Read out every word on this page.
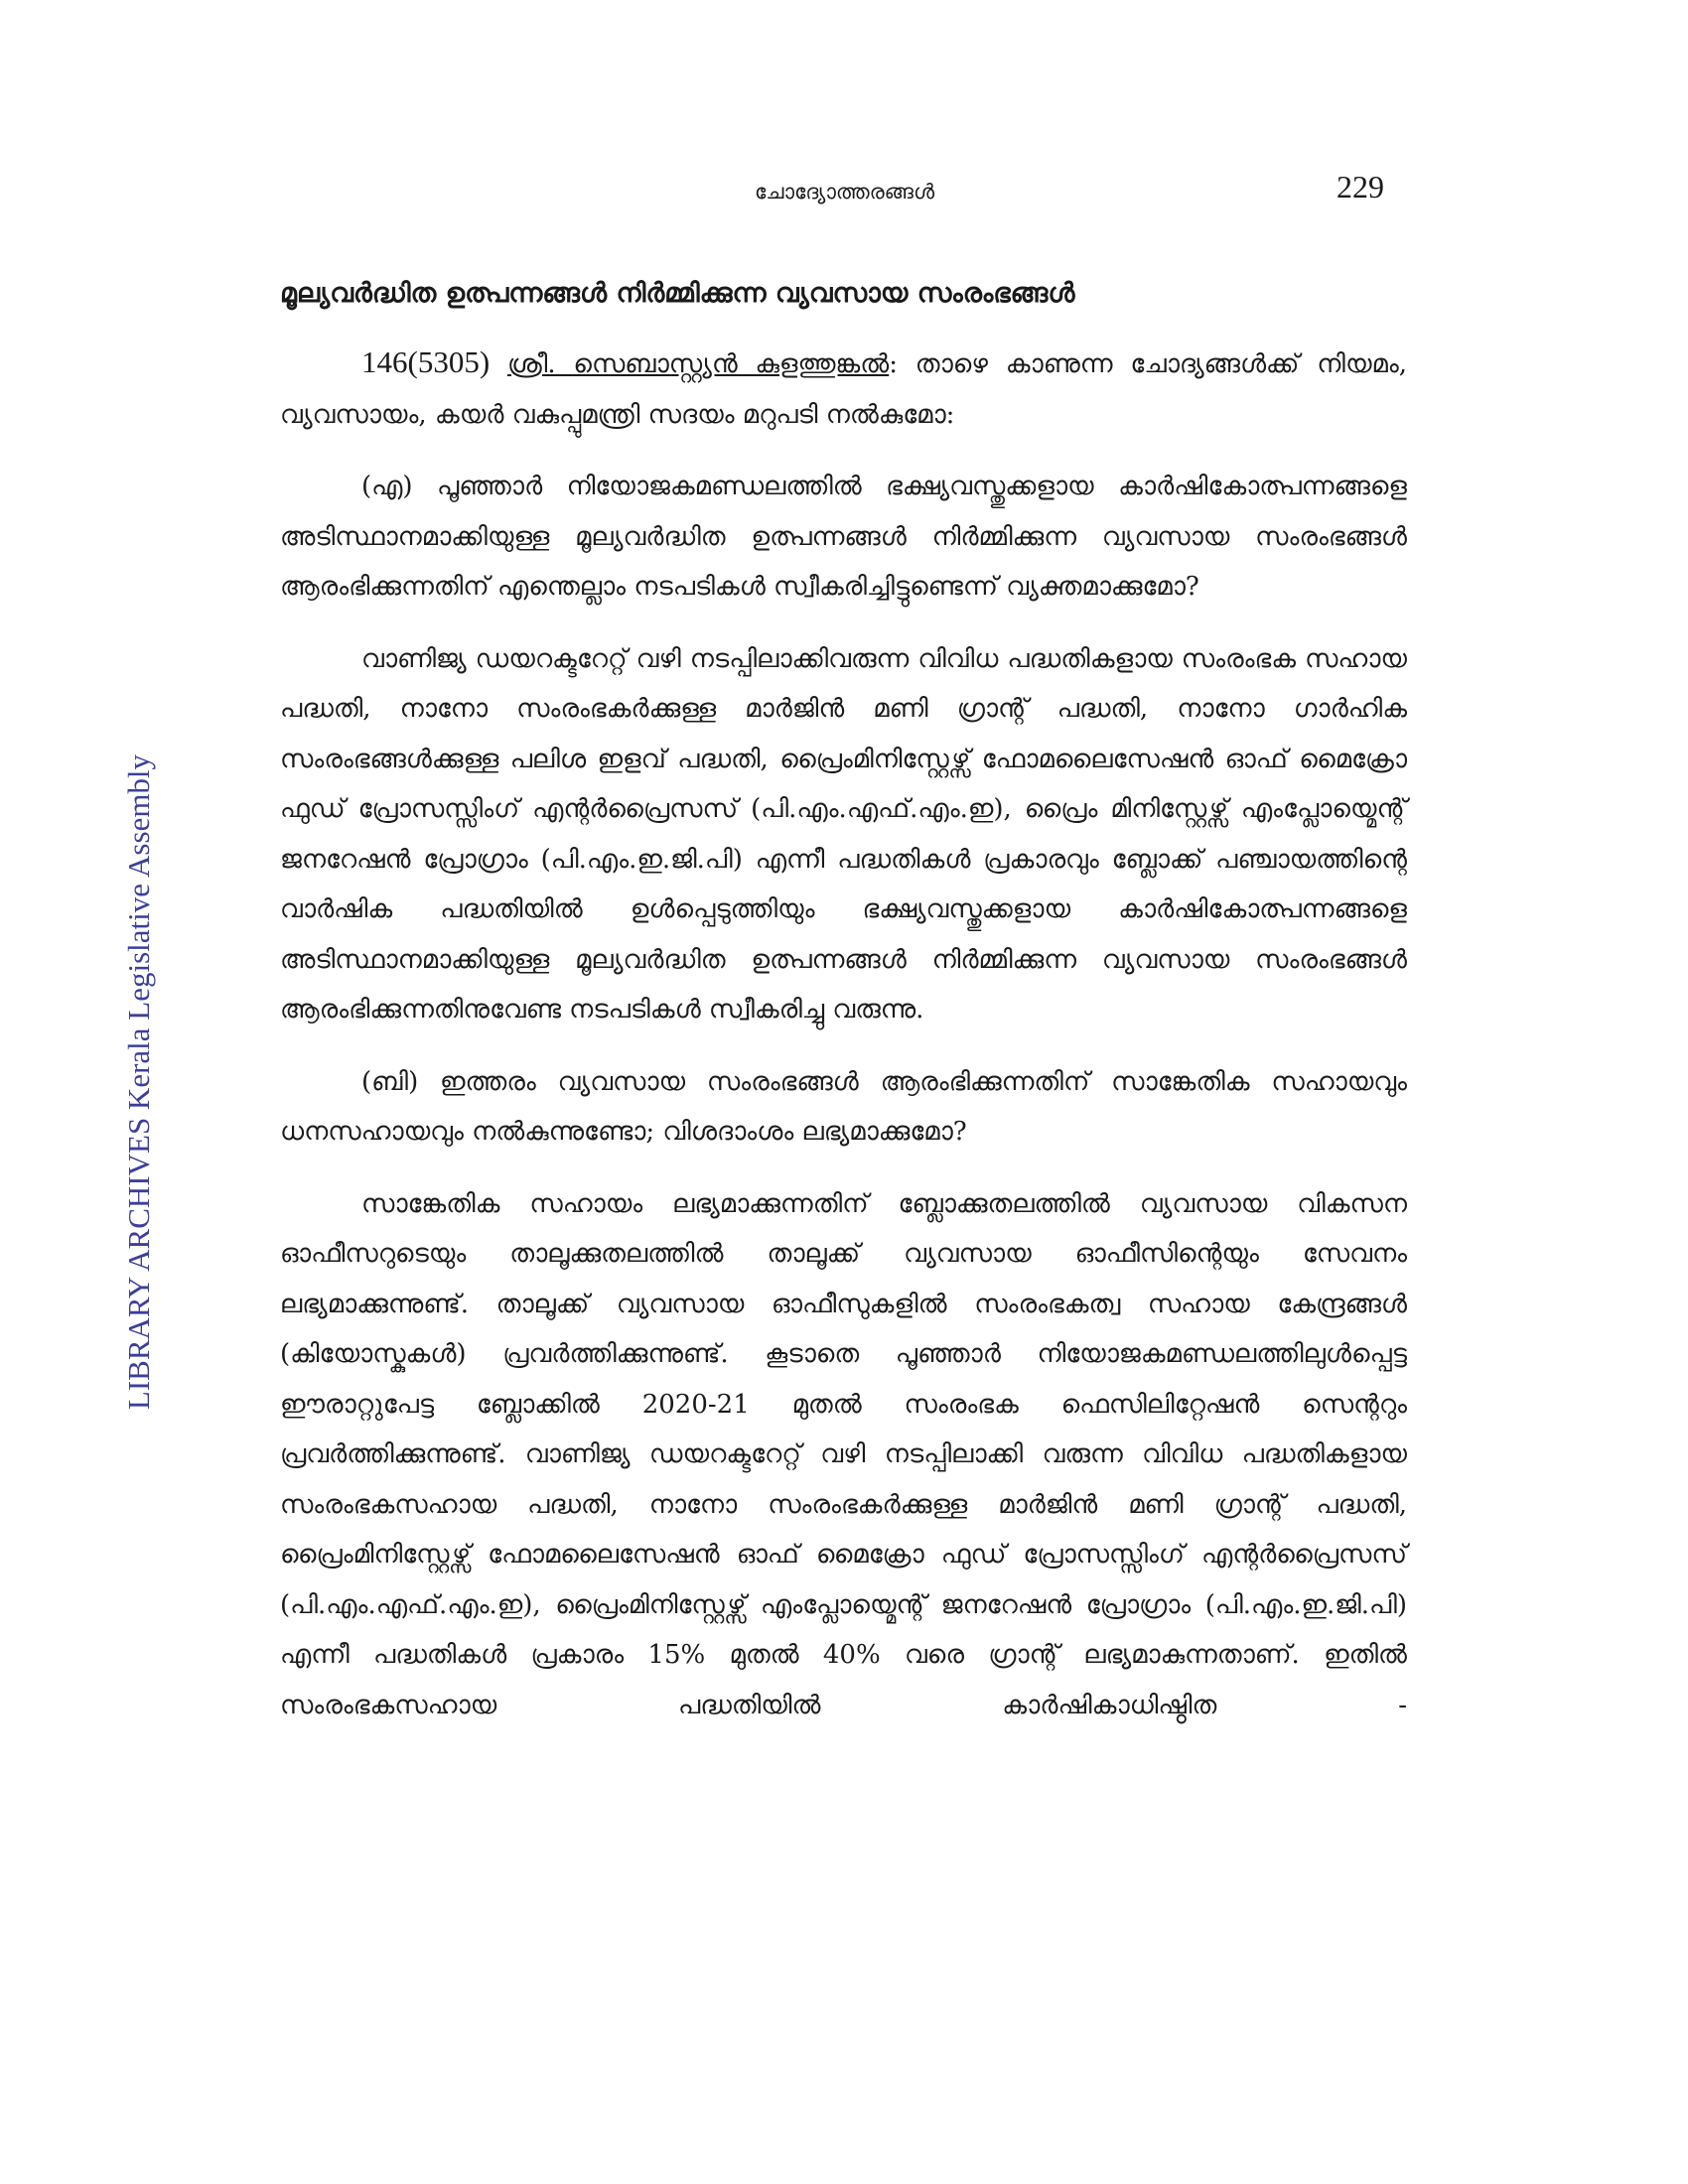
LIBRARY ARCHIVES Kerala Legislative Assembly
ചോദ്യോത്തരങ്ങൾ	229
മൂല്യവർദ്ധിത ഉത്പന്നങ്ങൾ നിർമ്മിക്കുന്ന വ്യവസായ സംരംഭങ്ങൾ

146(5305) ശ്രീ. സെബാസ്റ്റ്യൻ കുളത്തുങ്കൽ: താഴെ കാണുന്ന ചോദ്യങ്ങൾക്ക് നിയമം, വ്യവസായം, കയർ വകുപ്പുമന്ത്രി സദയം മറുപടി നൽകുമോ:

(എ) പൂഞ്ഞാർ നിയോജകമണ്ഡലത്തിൽ ഭക്ഷ്യവസ്തുക്കളായ കാർഷികോത്പന്നങ്ങളെ അടിസ്ഥാനമാക്കിയുള്ള മൂല്യവർദ്ധിത ഉത്പന്നങ്ങൾ നിർമ്മിക്കുന്ന വ്യവസായ സംരംഭങ്ങൾ ആരംഭിക്കുന്നതിന് എന്തെല്ലാം നടപടികൾ സ്വീകരിച്ചിട്ടുണ്ടെന്ന് വ്യക്തമാക്കുമോ?

വാണിജ്യ ഡയറക്ടറേറ്റ് വഴി നടപ്പിലാക്കിവരുന്ന വിവിധ പദ്ധതികളായ സംരംഭക സഹായ പദ്ധതി, നാനോ സംരംഭകർക്കുള്ള മാർജിൻ മണി ഗ്രാന്റ് പദ്ധതി, നാനോ ഗാർഹിക സംരംഭങ്ങൾക്കുള്ള പലിശ ഇളവ് പദ്ധതി, പ്രൈംമിനിസ്റ്റേഴ്സ് ഫോമലൈസേഷൻ ഓഫ് മൈക്രോ ഫുഡ് പ്രോസസ്സിംഗ് എന്റർപ്രൈസസ് (പി.എം.എഫ്.എം.ഇ), പ്രൈം മിനിസ്റ്റേഴ്സ് എംപ്ലോയ്മെന്റ് ജനറേഷൻ പ്രോഗ്രാം (പി.എം.ഇ.ജി.പി) എന്നീ പദ്ധതികൾ പ്രകാരവും ബ്ലോക്ക് പഞ്ചായത്തിന്റെ വാർഷിക പദ്ധതിയിൽ ഉൾപ്പെടുത്തിയും ഭക്ഷ്യവസ്തുക്കളായ കാർഷികോത്പന്നങ്ങളെ അടിസ്ഥാനമാക്കിയുള്ള മൂല്യവർദ്ധിത ഉത്പന്നങ്ങൾ നിർമ്മിക്കുന്ന വ്യവസായ സംരംഭങ്ങൾ ആരംഭിക്കുന്നതിനുവേണ്ട നടപടികൾ സ്വീകരിച്ചു വരുന്നു.

(ബി) ഇത്തരം വ്യവസായ സംരംഭങ്ങൾ ആരംഭിക്കുന്നതിന് സാങ്കേതിക സഹായവും ധനസഹായവും നൽകുന്നുണ്ടോ; വിശദാംശം ലഭ്യമാക്കുമോ?

സാങ്കേതിക സഹായം ലഭ്യമാക്കുന്നതിന് ബ്ലോക്കുതലത്തിൽ വ്യവസായ വികസന ഓഫീസറുടെയും താലൂക്കുതലത്തിൽ താലൂക്ക് വ്യവസായ ഓഫീസിന്റെയും സേവനം ലഭ്യമാക്കുന്നുണ്ട്. താലൂക്ക് വ്യവസായ ഓഫീസുകളിൽ സംരംഭകത്വ സഹായ കേന്ദ്രങ്ങൾ (കിയോസ്കുകൾ) പ്രവർത്തിക്കുന്നുണ്ട്. കൂടാതെ പൂഞ്ഞാർ നിയോജകമണ്ഡലത്തിലുൾപ്പെട്ട ഈരാറ്റുപേട്ട ബ്ലോക്കിൽ 2020-21 മുതൽ സംരംഭക ഫെസിലിറ്റേഷൻ സെന്ററും പ്രവർത്തിക്കുന്നുണ്ട്. വാണിജ്യ ഡയറക്ടറേറ്റ് വഴി നടപ്പിലാക്കി വരുന്ന വിവിധ പദ്ധതികളായ സംരംഭകസഹായ പദ്ധതി, നാനോ സംരംഭകർക്കുള്ള മാർജിൻ മണി ഗ്രാന്റ് പദ്ധതി, പ്രൈംമിനിസ്റ്റേഴ്സ് ഫോമലൈസേഷൻ ഓഫ് മൈക്രോ ഫുഡ് പ്രോസസ്സിംഗ് എന്റർപ്രൈസസ് (പി.എം.എഫ്.എം.ഇ), പ്രൈംമിനിസ്റ്റേഴ്സ് എംപ്ലോയ്മെന്റ് ജനറേഷൻ പ്രോഗ്രാം (പി.എം.ഇ.ജി.പി) എന്നീ പദ്ധതികൾ പ്രകാരം 15% മുതൽ 40% വരെ ഗ്രാന്റ് ലഭ്യമാകുന്നതാണ്. ഇതിൽ സംരംഭകസഹായ പദ്ധതിയിൽ കാർഷികാധിഷ്ഠിത -
